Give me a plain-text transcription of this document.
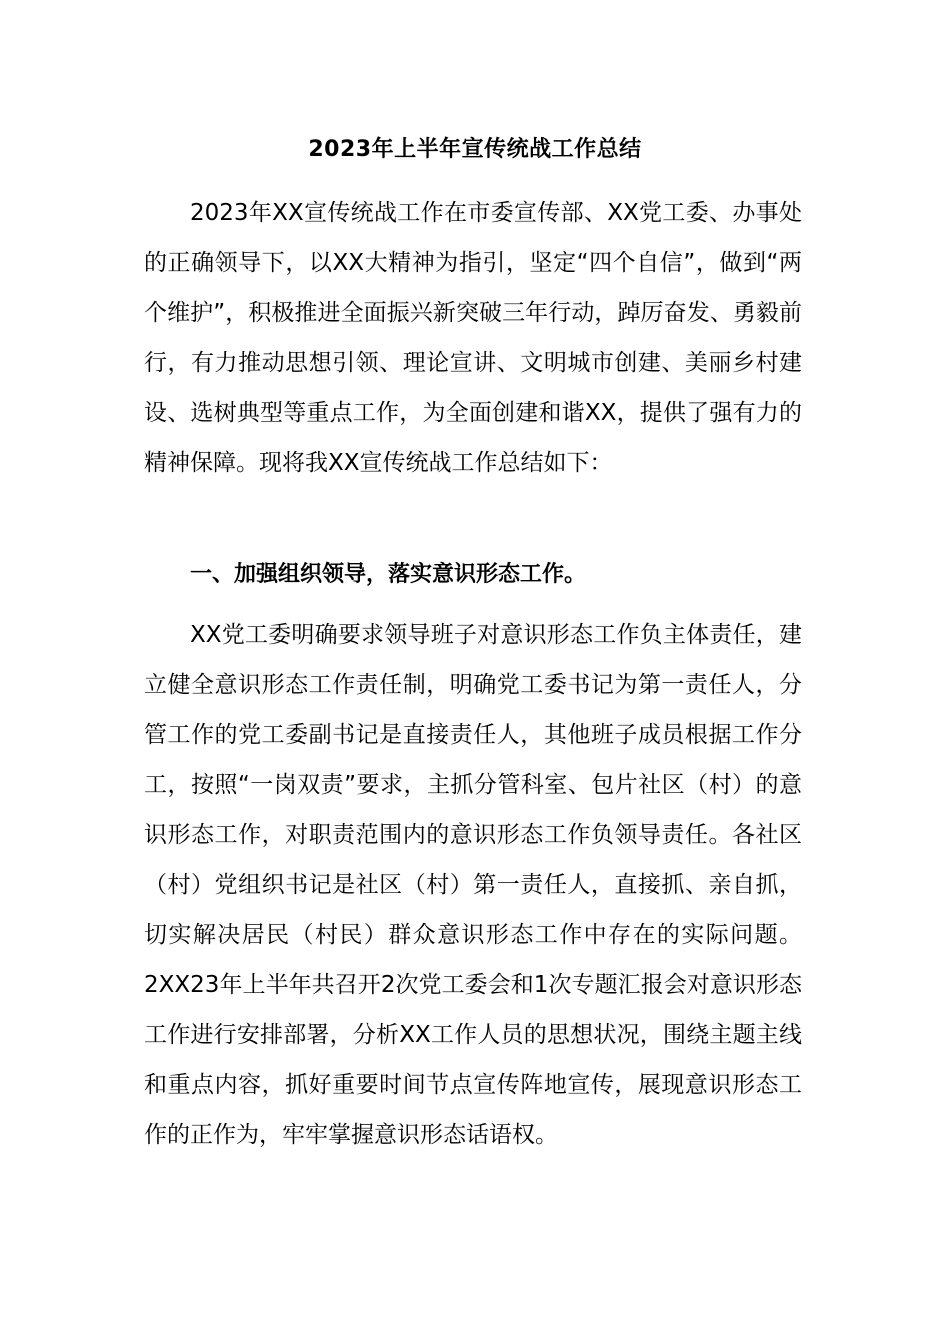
2023年上半年宣传统战工作总结

2023年XX宣传统战工作在市委宣传部、XX党工委、办事处的正确领导下，以XX大精神为指引，坚定“四个自信”，做到“两个维护”，积极推进全面振兴新突破三年行动，踔厉奋发、勇毅前行，有力推动思想引领、理论宣讲、文明城市创建、美丽乡村建设、选树典型等重点工作，为全面创建和谐XX，提供了强有力的精神保障。现将我XX宣传统战工作总结如下：

一、加强组织领导，落实意识形态工作。

XX党工委明确要求领导班子对意识形态工作负主体责任，建立健全意识形态工作责任制，明确党工委书记为第一责任人，分管工作的党工委副书记是直接责任人，其他班子成员根据工作分工，按照“一岗双责”要求，主抓分管科室、包片社区（村）的意识形态工作，对职责范围内的意识形态工作负领导责任。各社区（村）党组织书记是社区（村）第一责任人，直接抓、亲自抓，切实解决居民（村民）群众意识形态工作中存在的实际问题。2XX23年上半年共召开2次党工委会和1次专题汇报会对意识形态工作进行安排部署，分析XX工作人员的思想状况，围绕主题主线和重点内容，抓好重要时间节点宣传阵地宣传，展现意识形态工作的正作为，牢牢掌握意识形态话语权。
